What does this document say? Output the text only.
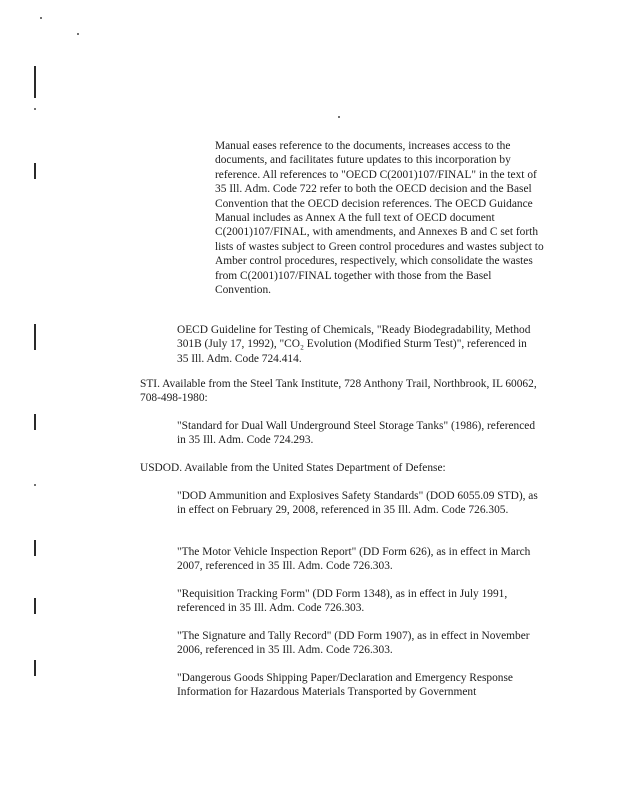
Manual eases reference to the documents, increases access to the documents, and facilitates future updates to this incorporation by reference. All references to "OECD C(2001)107/FINAL" in the text of 35 Ill. Adm. Code 722 refer to both the OECD decision and the Basel Convention that the OECD decision references. The OECD Guidance Manual includes as Annex A the full text of OECD document C(2001)107/FINAL, with amendments, and Annexes B and C set forth lists of wastes subject to Green control procedures and wastes subject to Amber control procedures, respectively, which consolidate the wastes from C(2001)107/FINAL together with those from the Basel Convention.

OECD Guideline for Testing of Chemicals, "Ready Biodegradability, Method 301B (July 17, 1992), "CO₂ Evolution (Modified Sturm Test)", referenced in 35 Ill. Adm. Code 724.414.

STI. Available from the Steel Tank Institute, 728 Anthony Trail, Northbrook, IL 60062, 708-498-1980:

"Standard for Dual Wall Underground Steel Storage Tanks" (1986), referenced in 35 Ill. Adm. Code 724.293.

USDOD. Available from the United States Department of Defense:

"DOD Ammunition and Explosives Safety Standards" (DOD 6055.09 STD), as in effect on February 29, 2008, referenced in 35 Ill. Adm. Code 726.305.

"The Motor Vehicle Inspection Report" (DD Form 626), as in effect in March 2007, referenced in 35 Ill. Adm. Code 726.303.

"Requisition Tracking Form" (DD Form 1348), as in effect in July 1991, referenced in 35 Ill. Adm. Code 726.303.

"The Signature and Tally Record" (DD Form 1907), as in effect in November 2006, referenced in 35 Ill. Adm. Code 726.303.

"Dangerous Goods Shipping Paper/Declaration and Emergency Response Information for Hazardous Materials Transported by Government
